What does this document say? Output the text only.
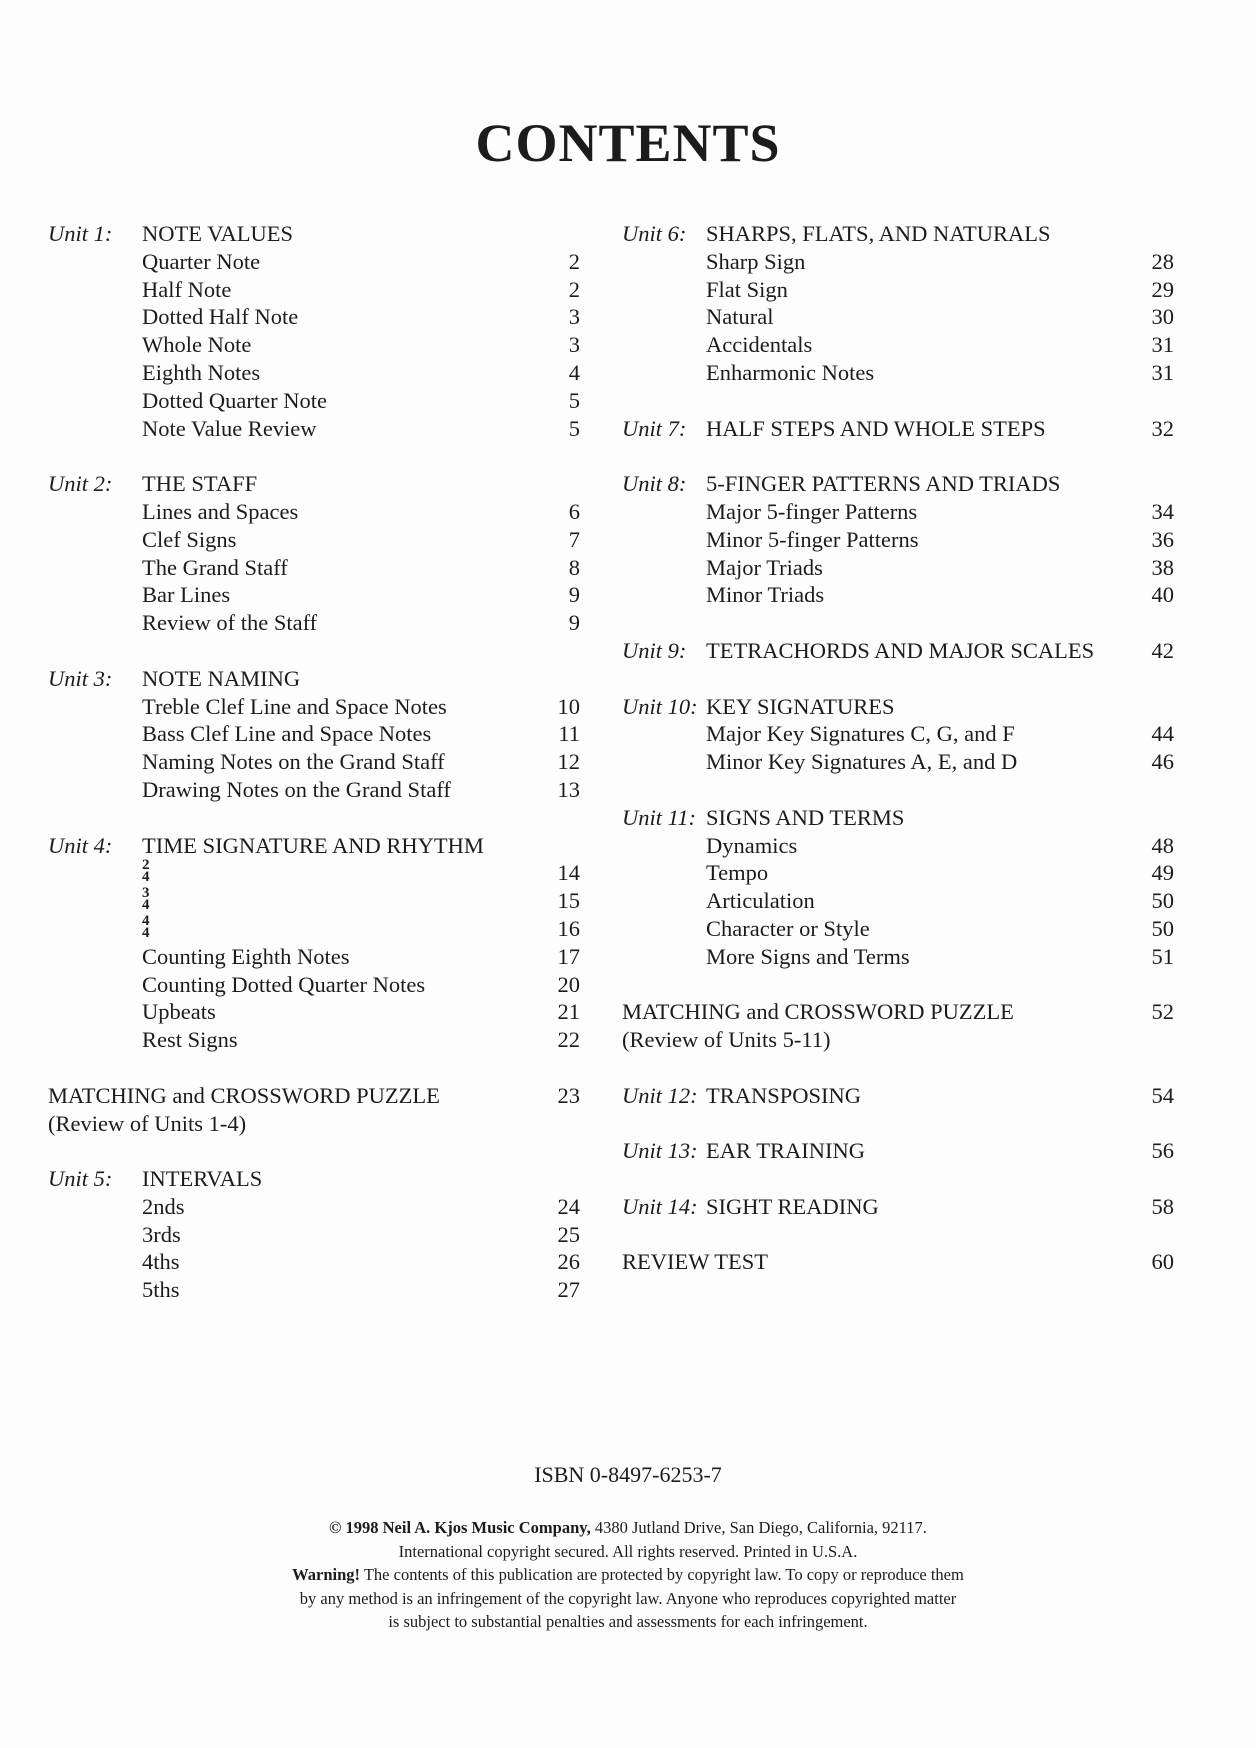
CONTENTS
Unit 1: NOTE VALUES
Quarter Note	2
Half Note	2
Dotted Half Note	3
Whole Note	3
Eighth Notes	4
Dotted Quarter Note	5
Note Value Review	5
Unit 2: THE STAFF
Lines and Spaces	6
Clef Signs	7
The Grand Staff	8
Bar Lines	9
Review of the Staff	9
Unit 3: NOTE NAMING
Treble Clef Line and Space Notes	10
Bass Clef Line and Space Notes	11
Naming Notes on the Grand Staff	12
Drawing Notes on the Grand Staff	13
Unit 4: TIME SIGNATURE AND RHYTHM
2
4	14
3
4	15
4
4	16
Counting Eighth Notes	17
Counting Dotted Quarter Notes	20
Upbeats	21
Rest Signs	22
MATCHING and CROSSWORD PUZZLE	23
(Review of Units 1-4)
Unit 5: INTERVALS
2nds	24
3rds	25
4ths	26
5ths	27
Unit 6: SHARPS, FLATS, AND NATURALS
Sharp Sign	28
Flat Sign	29
Natural	30
Accidentals	31
Enharmonic Notes	31
Unit 7: HALF STEPS AND WHOLE STEPS	32
Unit 8: 5-FINGER PATTERNS AND TRIADS
Major 5-finger Patterns	34
Minor 5-finger Patterns	36
Major Triads	38
Minor Triads	40
Unit 9: TETRACHORDS AND MAJOR SCALES	42
Unit 10: KEY SIGNATURES
Major Key Signatures C, G, and F	44
Minor Key Signatures A, E, and D	46
Unit 11: SIGNS AND TERMS
Dynamics	48
Tempo	49
Articulation	50
Character or Style	50
More Signs and Terms	51
MATCHING and CROSSWORD PUZZLE	52
(Review of Units 5-11)
Unit 12: TRANSPOSING	54
Unit 13: EAR TRAINING	56
Unit 14: SIGHT READING	58
REVIEW TEST	60
ISBN 0-8497-6253-7
© 1998 Neil A. Kjos Music Company, 4380 Jutland Drive, San Diego, California, 92117.
International copyright secured. All rights reserved. Printed in U.S.A.
Warning! The contents of this publication are protected by copyright law. To copy or reproduce them
by any method is an infringement of the copyright law. Anyone who reproduces copyrighted matter
is subject to substantial penalties and assessments for each infringement.
